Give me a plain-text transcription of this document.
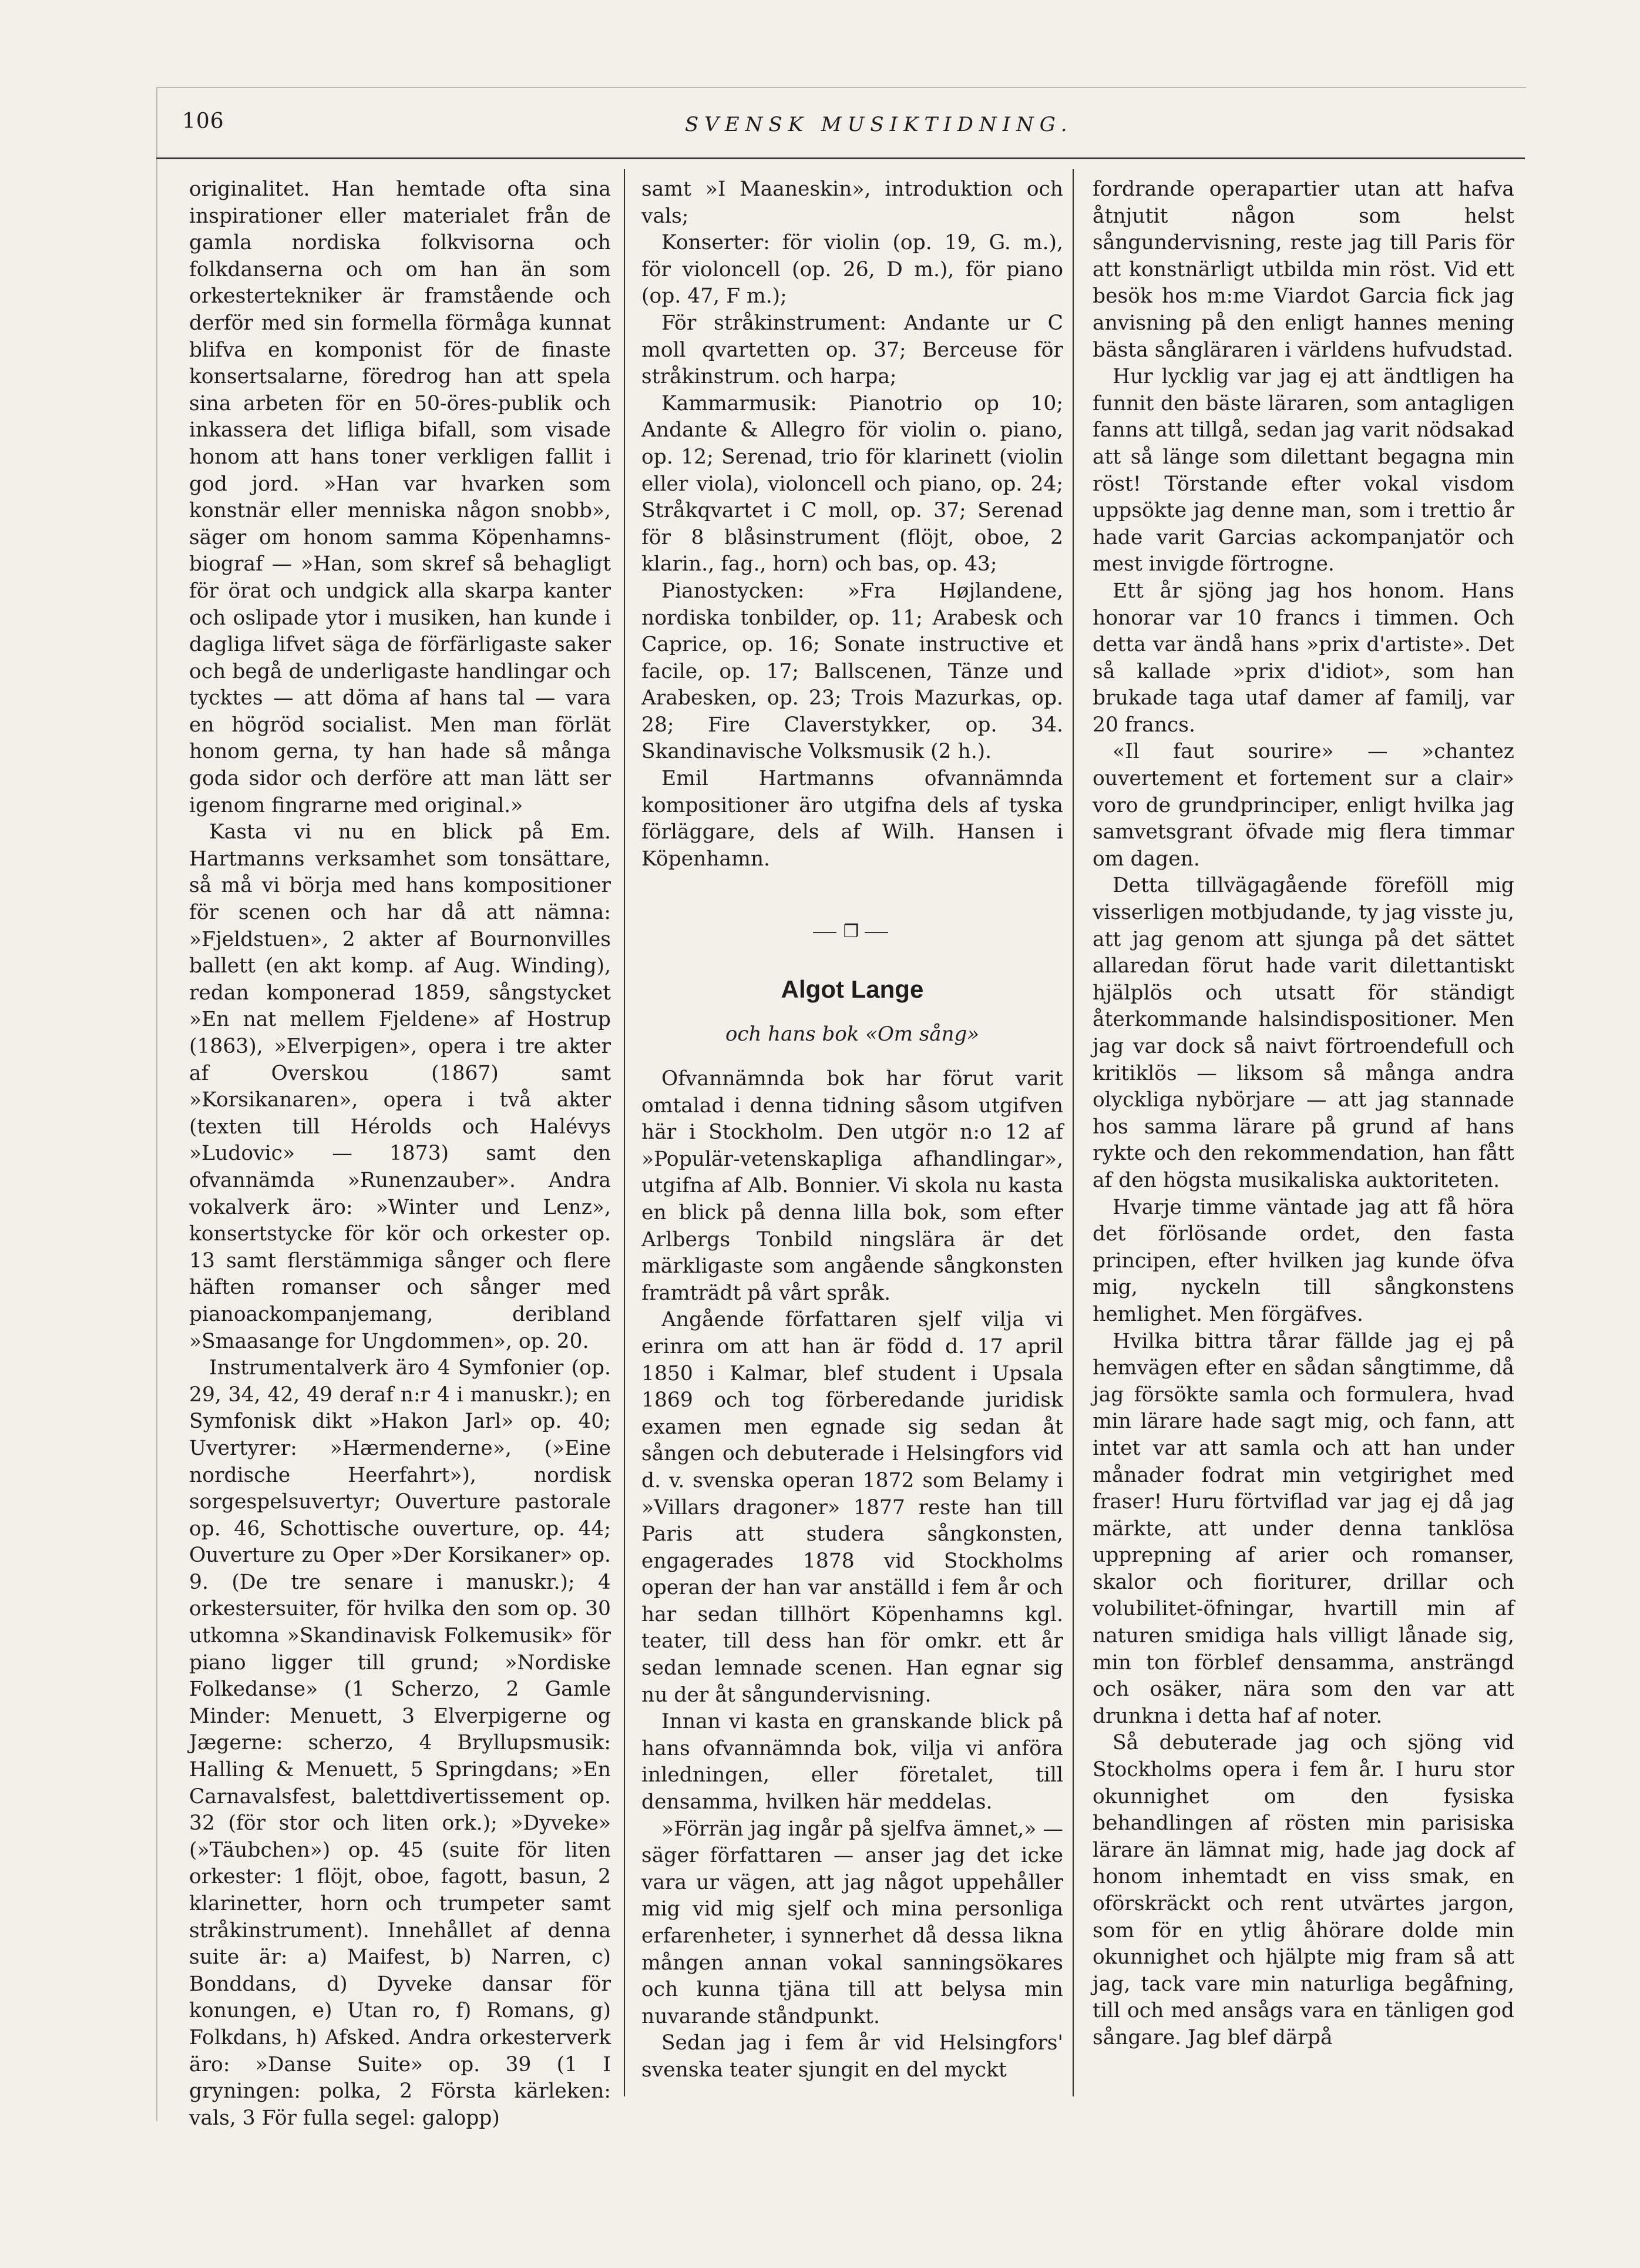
106	SVENSK MUSIKTIDNING.

originalitet. Han hemtade ofta sina inspirationer eller materialet från de gamla nordiska folkvisorna och folkdanserna och om han än som orkestertekniker är framstående och derför med sin formella förmåga kunnat blifva en komponist för de finaste konsertsalarne, föredrog han att spela sina arbeten för en 50-öres-publik och inkassera det lifliga bifall, som visade honom att hans toner verkligen fallit i god jord. »Han var hvarken som konstnär eller menniska någon snobb», säger om honom samma Köpenhamns-biograf — »Han, som skref så behagligt för örat och undgick alla skarpa kanter och oslipade ytor i musiken, han kunde i dagliga lifvet säga de förfärligaste saker och begå de underligaste handlingar och tycktes — att döma af hans tal — vara en högröd socialist. Men man förlät honom gerna, ty han hade så många goda sidor och derföre att man lätt ser igenom fingrarne med original.»

Kasta vi nu en blick på Em. Hartmanns verksamhet som tonsättare, så må vi börja med hans kompositioner för scenen och har då att nämna: »Fjeldstuen», 2 akter af Bournonvilles ballett (en akt komp. af Aug. Winding), redan komponerad 1859, sångstycket »En nat mellem Fjeldene» af Hostrup (1863), »Elverpigen», opera i tre akter af Overskou (1867) samt »Korsikanaren», opera i två akter (texten till Hérolds och Halévys »Ludovic» — 1873) samt den ofvannämda »Runenzauber». Andra vokalverk äro: »Winter und Lenz», konsertstycke för kör och orkester op. 13 samt flerstämmiga sånger och flere häften romanser och sånger med pianoackompanjemang, deribland »Smaasange for Ungdommen», op. 20.

Instrumentalverk äro 4 Symfonier (op. 29, 34, 42, 49 deraf n:r 4 i manuskr.); en Symfonisk dikt »Hakon Jarl» op. 40; Uvertyrer: »Hærmenderne», (»Eine nordische Heerfahrt»), nordisk sorgespelsuvertyr; Ouverture pastorale op. 46, Schottische ouverture, op. 44; Ouverture zu Oper »Der Korsikaner» op. 9. (De tre senare i manuskr.); 4 orkestersuiter, för hvilka den som op. 30 utkomna »Skandinavisk Folkemusik» för piano ligger till grund; »Nordiske Folkedanse» (1 Scherzo, 2 Gamle Minder: Menuett, 3 Elverpigerne og Jægerne: scherzo, 4 Bryllupsmusik: Halling & Menuett, 5 Springdans; »En Carnavalsfest, balettdivertissement op. 32 (för stor och liten ork.); »Dyveke» (»Täubchen») op. 45 (suite för liten orkester: 1 flöjt, oboe, fagott, basun, 2 klarinetter, horn och trumpeter samt stråkinstrument). Innehållet af denna suite är: a) Maifest, b) Narren, c) Bonddans, d) Dyveke dansar för konungen, e) Utan ro, f) Romans, g) Folkdans, h) Afsked. Andra orkesterverk äro: »Danse Suite» op. 39 (1 I gryningen: polka, 2 Första kärleken: vals, 3 För fulla segel: galopp)

samt »I Maaneskin», introduktion och vals;

Konserter: för violin (op. 19, G. m.), för violoncell (op. 26, D m.), för piano (op. 47, F m.);

För stråkinstrument: Andante ur C moll qvartetten op. 37; Berceuse för stråkinstrum. och harpa;

Kammarmusik: Pianotrio op 10; Andante & Allegro för violin o. piano, op. 12; Serenad, trio för klarinett (violin eller viola), violoncell och piano, op. 24; Stråkqvartet i C moll, op. 37; Serenad för 8 blåsinstrument (flöjt, oboe, 2 klarin., fag., horn) och bas, op. 43;

Pianostycken: »Fra Højlandene, nordiska tonbilder, op. 11; Arabesk och Caprice, op. 16; Sonate instructive et facile, op. 17; Ballscenen, Tänze und Arabesken, op. 23; Trois Mazurkas, op. 28; Fire Claverstykker, op. 34. Skandinavische Volksmusik (2 h.).

Emil Hartmanns ofvannämnda kompositioner äro utgifna dels af tyska förläggare, dels af Wilh. Hansen i Köpenhamn.

❐
Algot Lange
och hans bok «Om sång»

Ofvannämnda bok har förut varit omtalad i denna tidning såsom utgifven här i Stockholm. Den utgör n:o 12 af »Populär-vetenskapliga afhandlingar», utgifna af Alb. Bonnier. Vi skola nu kasta en blick på denna lilla bok, som efter Arlbergs Tonbild ningslära är det märkligaste som angående sångkonsten framträdt på vårt språk.

Angående författaren sjelf vilja vi erinra om att han är född d. 17 april 1850 i Kalmar, blef student i Upsala 1869 och tog förberedande juridisk examen men egnade sig sedan åt sången och debuterade i Helsingfors vid d. v. svenska operan 1872 som Belamy i »Villars dragoner» 1877 reste han till Paris att studera sångkonsten, engagerades 1878 vid Stockholms operan der han var anställd i fem år och har sedan tillhört Köpenhamns kgl. teater, till dess han för omkr. ett år sedan lemnade scenen. Han egnar sig nu der åt sångundervisning.

Innan vi kasta en granskande blick på hans ofvannämnda bok, vilja vi anföra inledningen, eller företalet, till densamma, hvilken här meddelas.

»Förrän jag ingår på sjelfva ämnet,» — säger författaren — anser jag det icke vara ur vägen, att jag något uppehåller mig vid mig sjelf och mina personliga erfarenheter, i synnerhet då dessa likna mången annan vokal sanningsökares och kunna tjäna till att belysa min nuvarande ståndpunkt.

Sedan jag i fem år vid Helsingfors' svenska teater sjungit en del myckt

fordrande operapartier utan att hafva åtnjutit någon som helst sångundervisning, reste jag till Paris för att konstnärligt utbilda min röst. Vid ett besök hos m:me Viardot Garcia fick jag anvisning på den enligt hannes mening bästa sångläraren i världens hufvudstad.

Hur lycklig var jag ej att ändtligen ha funnit den bäste läraren, som antagligen fanns att tillgå, sedan jag varit nödsakad att så länge som dilettant begagna min röst! Törstande efter vokal visdom uppsökte jag denne man, som i trettio år hade varit Garcias ackompanjatör och mest invigde förtrogne.

Ett år sjöng jag hos honom. Hans honorar var 10 francs i timmen. Och detta var ändå hans »prix d'artiste». Det så kallade »prix d'idiot», som han brukade taga utaf damer af familj, var 20 francs.

«Il faut sourire» — »chantez ouvertement et fortement sur a clair» voro de grundprinciper, enligt hvilka jag samvetsgrant öfvade mig flera timmar om dagen.

Detta tillvägagående föreföll mig visserligen motbjudande, ty jag visste ju, att jag genom att sjunga på det sättet allaredan förut hade varit dilettantiskt hjälplös och utsatt för ständigt återkommande halsindispositioner. Men jag var dock så naivt förtroendefull och kritiklös — liksom så många andra olyckliga nybörjare — att jag stannade hos samma lärare på grund af hans rykte och den rekommendation, han fått af den högsta musikaliska auktoriteten.

Hvarje timme väntade jag att få höra det förlösande ordet, den fasta principen, efter hvilken jag kunde öfva mig, nyckeln till sångkonstens hemlighet. Men förgäfves.

Hvilka bittra tårar fällde jag ej på hemvägen efter en sådan sångtimme, då jag försökte samla och formulera, hvad min lärare hade sagt mig, och fann, att intet var att samla och att han under månader fodrat min vetgirighet med fraser! Huru förtviflad var jag ej då jag märkte, att under denna tanklösa upprepning af arier och romanser, skalor och fioriturer, drillar och volubilitet-öfningar, hvartill min af naturen smidiga hals villigt lånade sig, min ton förblef densamma, ansträngd och osäker, nära som den var att drunkna i detta haf af noter.

Så debuterade jag och sjöng vid Stockholms opera i fem år. I huru stor okunnighet om den fysiska behandlingen af rösten min parisiska lärare än lämnat mig, hade jag dock af honom inhemtadt en viss smak, en oförskräckt och rent utvärtes jargon, som för en ytlig åhörare dolde min okunnighet och hjälpte mig fram så att jag, tack vare min naturliga begåfning, till och med ansågs vara en tänligen god sångare. Jag blef därpå
